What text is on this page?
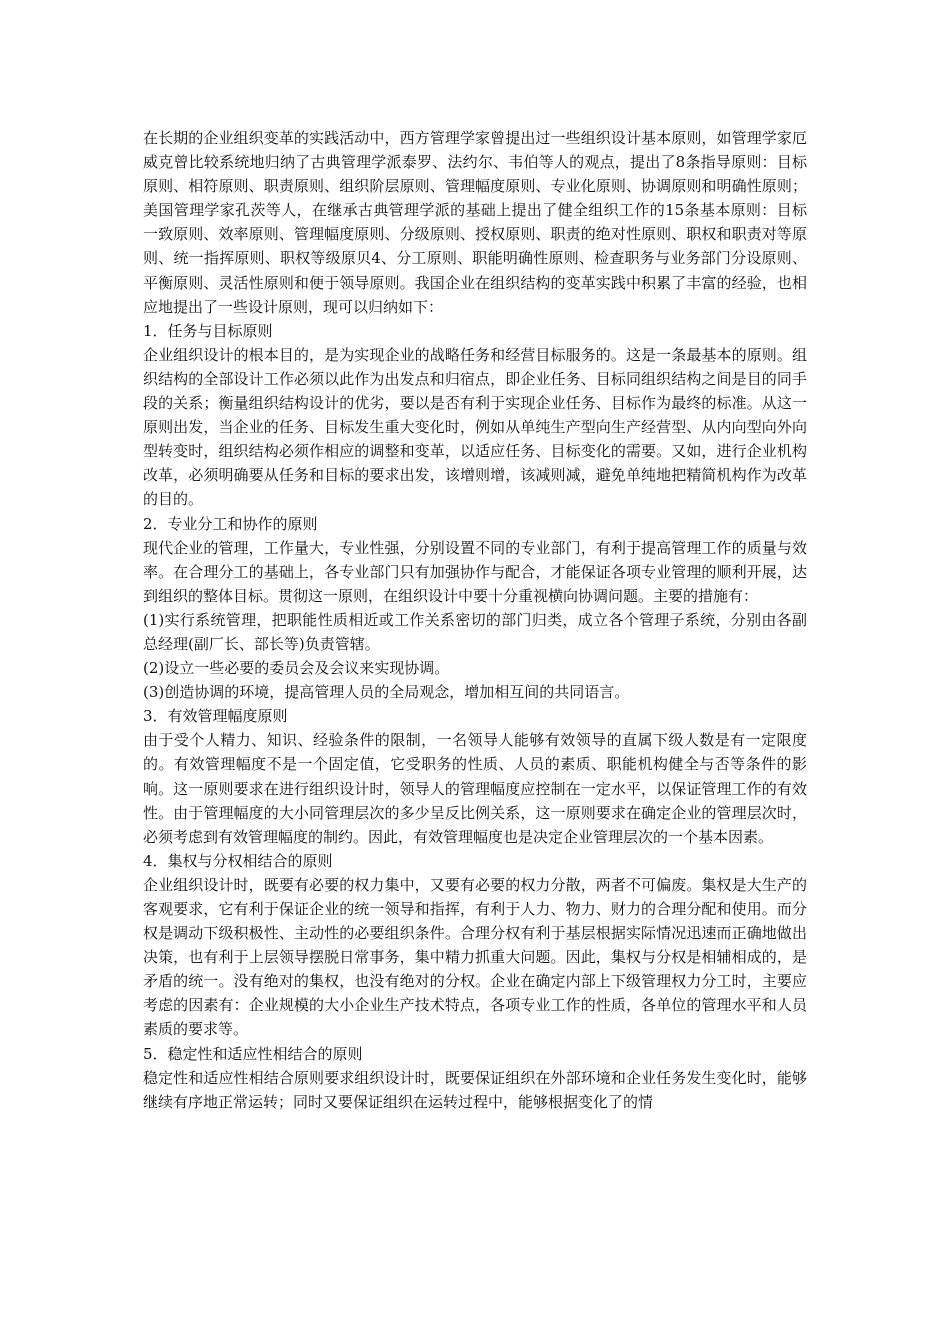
在长期的企业组织变革的实践活动中，西方管理学家曾提出过一些组织设计基本原则，如管理学家厄威克曾比较系统地归纳了古典管理学派泰罗、法约尔、韦伯等人的观点，提出了8条指导原则：目标原则、相符原则、职责原则、组织阶层原则、管理幅度原则、专业化原则、协调原则和明确性原则；美国管理学家孔茨等人，在继承古典管理学派的基础上提出了健全组织工作的15条基本原则：目标一致原则、效率原则、管理幅度原则、分级原则、授权原则、职责的绝对性原则、职权和职责对等原则、统一指挥原则、职权等级原贝4、分工原则、职能明确性原则、检查职务与业务部门分设原则、平衡原则、灵活性原则和便于领导原则。我国企业在组织结构的变革实践中积累了丰富的经验，也相应地提出了一些设计原则，现可以归纳如下：

1．任务与目标原则

企业组织设计的根本目的，是为实现企业的战略任务和经营目标服务的。这是一条最基本的原则。组织结构的全部设计工作必须以此作为出发点和归宿点，即企业任务、目标同组织结构之间是目的同手段的关系；衡量组织结构设计的优劣，要以是否有利于实现企业任务、目标作为最终的标准。从这一原则出发，当企业的任务、目标发生重大变化时，例如从单纯生产型向生产经营型、从内向型向外向型转变时，组织结构必须作相应的调整和变革，以适应任务、目标变化的需要。又如，进行企业机构改革，必须明确要从任务和目标的要求出发，该增则增，该减则减，避免单纯地把精简机构作为改革的目的。

2．专业分工和协作的原则

现代企业的管理，工作量大，专业性强，分别设置不同的专业部门，有利于提高管理工作的质量与效率。在合理分工的基础上，各专业部门只有加强协作与配合，才能保证各项专业管理的顺利开展，达到组织的整体目标。贯彻这一原则，在组织设计中要十分重视横向协调问题。主要的措施有：

(1)实行系统管理，把职能性质相近或工作关系密切的部门归类，成立各个管理子系统，分别由各副总经理(副厂长、部长等)负责管辖。

(2)设立一些必要的委员会及会议来实现协调。

(3)创造协调的环境，提高管理人员的全局观念，增加相互间的共同语言。

3．有效管理幅度原则

由于受个人精力、知识、经验条件的限制，一名领导人能够有效领导的直属下级人数是有一定限度的。有效管理幅度不是一个固定值，它受职务的性质、人员的素质、职能机构健全与否等条件的影响。这一原则要求在进行组织设计时，领导人的管理幅度应控制在一定水平，以保证管理工作的有效性。由于管理幅度的大小同管理层次的多少呈反比例关系，这一原则要求在确定企业的管理层次时，必须考虑到有效管理幅度的制约。因此，有效管理幅度也是决定企业管理层次的一个基本因素。

4．集权与分权相结合的原则

企业组织设计时，既要有必要的权力集中，又要有必要的权力分散，两者不可偏废。集权是大生产的客观要求，它有利于保证企业的统一领导和指挥，有利于人力、物力、财力的合理分配和使用。而分权是调动下级积极性、主动性的必要组织条件。合理分权有利于基层根据实际情况迅速而正确地做出决策，也有利于上层领导摆脱日常事务，集中精力抓重大问题。因此，集权与分权是相辅相成的，是矛盾的统一。没有绝对的集权，也没有绝对的分权。企业在确定内部上下级管理权力分工时，主要应考虑的因素有：企业规模的大小企业生产技术特点，各项专业工作的性质，各单位的管理水平和人员素质的要求等。

5．稳定性和适应性相结合的原则

稳定性和适应性相结合原则要求组织设计时，既要保证组织在外部环境和企业任务发生变化时，能够继续有序地正常运转；同时又要保证组织在运转过程中，能够根据变化了的情
